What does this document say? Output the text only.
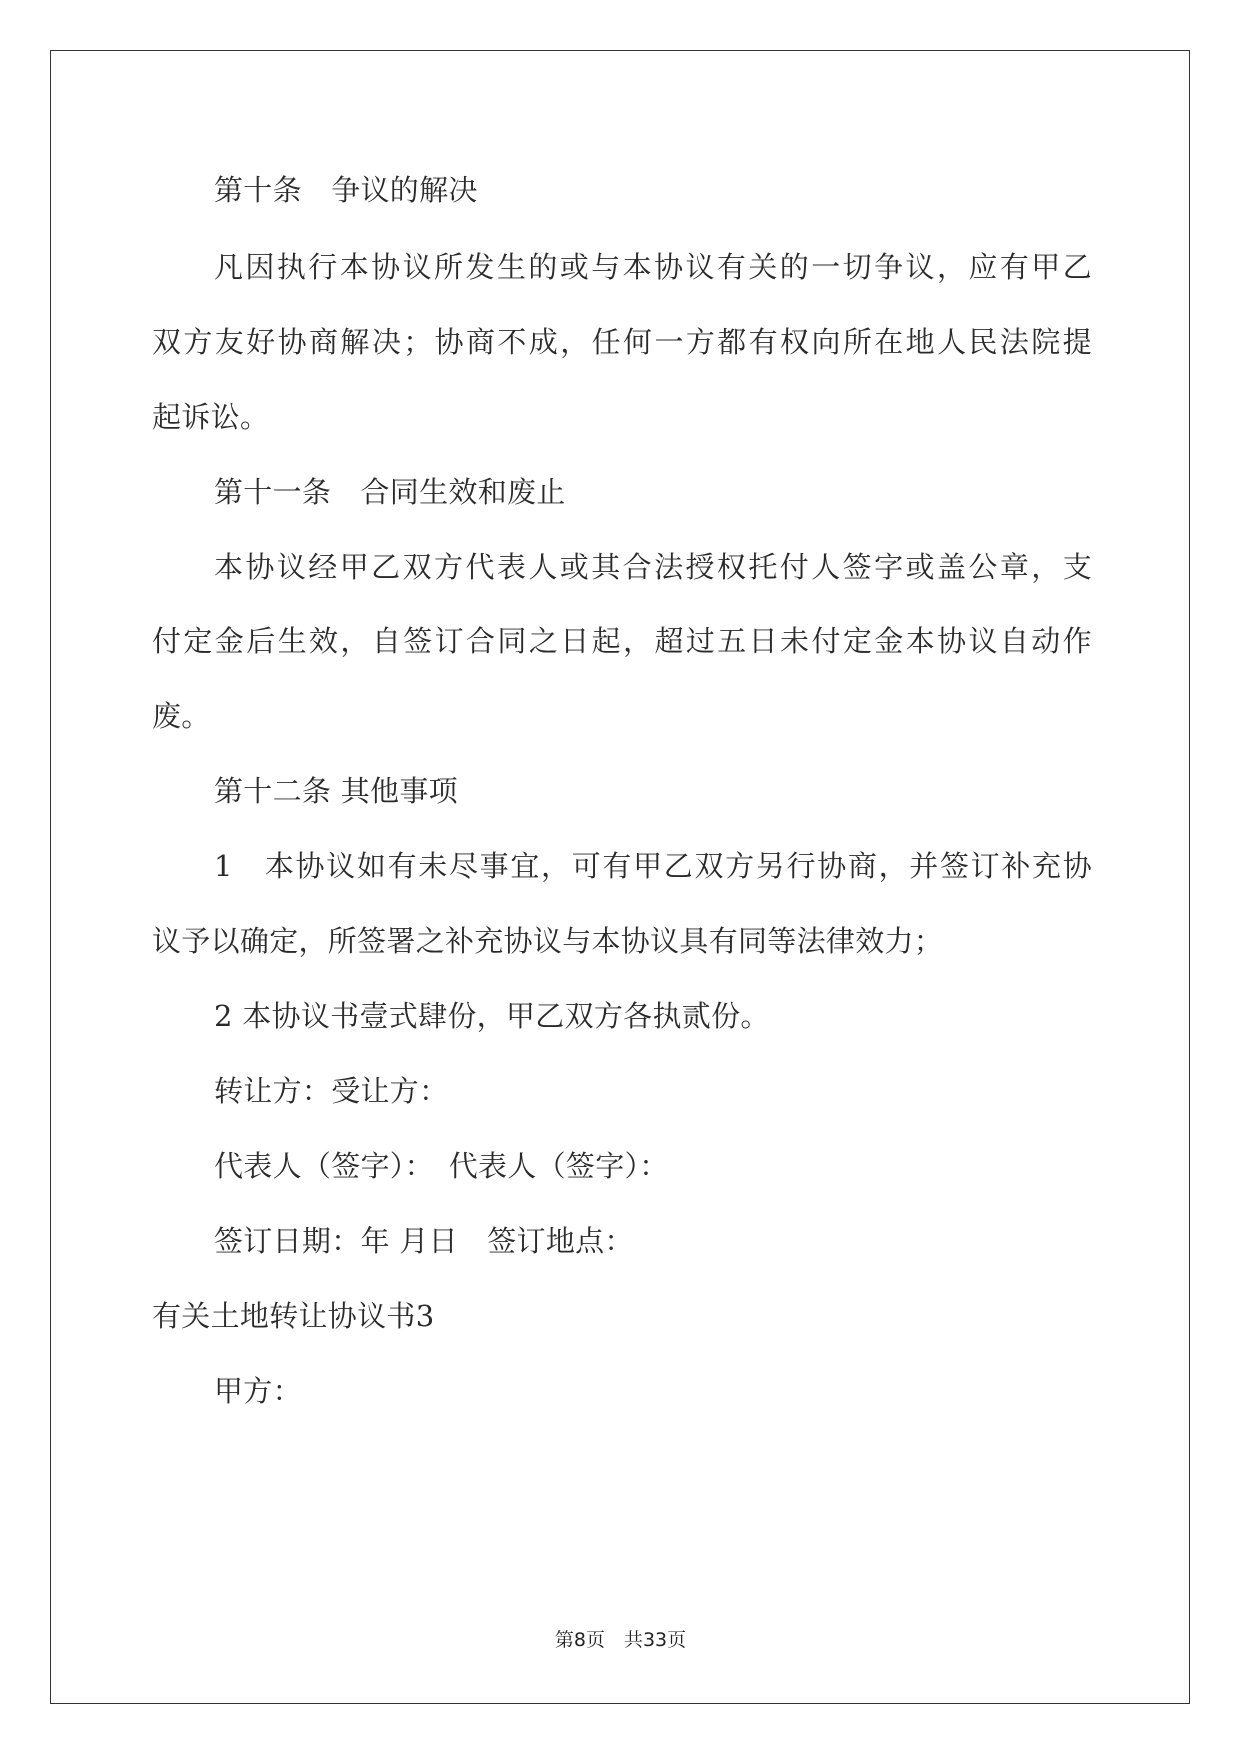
第十条　争议的解决
凡因执行本协议所发生的或与本协议有关的一切争议，应有甲乙
双方友好协商解决；协商不成，任何一方都有权向所在地人民法院提
起诉讼。
第十一条　合同生效和废止
本协议经甲乙双方代表人或其合法授权托付人签字或盖公章，支
付定金后生效，自签订合同之日起，超过五日未付定金本协议自动作
废。
第十二条 其他事项
1　本协议如有未尽事宜，可有甲乙双方另行协商，并签订补充协
议予以确定，所签署之补充协议与本协议具有同等法律效力；
2 本协议书壹式肆份，甲乙双方各执贰份。
转让方：受让方：
代表人（签字）：　代表人（签字）：
签订日期：年 月日　签订地点：
有关土地转让协议书3
甲方：
第8页　共33页
